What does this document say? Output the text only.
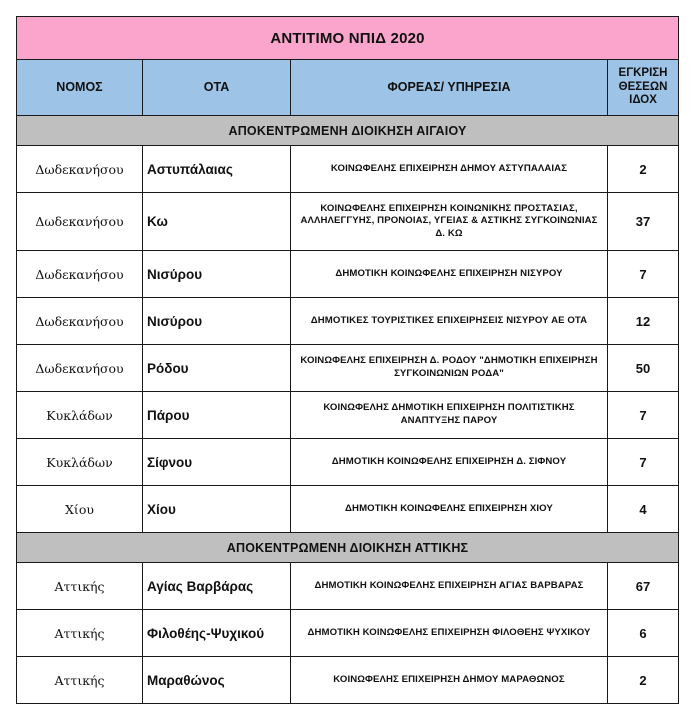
ΑΝΤΙΤΙΜΟ ΝΠΙΔ 2020			
ΝΟΜΟΣ	ΟΤΑ	ΦΟΡΕΑΣ/ ΥΠΗΡΕΣΙΑ	ΕΓΚΡΙΣΗ ΘΕΣΕΩΝ ΙΔΟΧ
ΑΠΟΚΕΝΤΡΩΜΕΝΗ ΔΙΟΙΚΗΣΗ ΑΙΓΑΙΟΥ			
Δωδεκανήσου	Αστυπάλαιας	ΚΟΙΝΩΦΕΛΗΣ ΕΠΙΧΕΙΡΗΣΗ ΔΗΜΟΥ ΑΣΤΥΠΑΛΑΙΑΣ	2
Δωδεκανήσου	Κω	ΚΟΙΝΩΦΕΛΗΣ ΕΠΙΧΕΙΡΗΣΗ ΚΟΙΝΩΝΙΚΗΣ ΠΡΟΣΤΑΣΙΑΣ, ΑΛΛΗΛΕΓΓΥΗΣ, ΠΡΟΝΟΙΑΣ, ΥΓΕΙΑΣ & ΑΣΤΙΚΗΣ ΣΥΓΚΟΙΝΩΝΙΑΣ Δ. ΚΩ	37
Δωδεκανήσου	Νισύρου	ΔΗΜΟΤΙΚΗ ΚΟΙΝΩΦΕΛΗΣ ΕΠΙΧΕΙΡΗΣΗ ΝΙΣΥΡΟΥ	7
Δωδεκανήσου	Νισύρου	ΔΗΜΟΤΙΚΕΣ ΤΟΥΡΙΣΤΙΚΕΣ ΕΠΙΧΕΙΡΗΣΕΙΣ ΝΙΣΥΡΟΥ ΑΕ ΟΤΑ	12
Δωδεκανήσου	Ρόδου	ΚΟΙΝΩΦΕΛΗΣ ΕΠΙΧΕΙΡΗΣΗ Δ. ΡΟΔΟΥ "ΔΗΜΟΤΙΚΗ ΕΠΙΧΕΙΡΗΣΗ ΣΥΓΚΟΙΝΩΝΙΩΝ ΡΟΔΑ"	50
Κυκλάδων	Πάρου	ΚΟΙΝΩΦΕΛΗΣ ΔΗΜΟΤΙΚΗ ΕΠΙΧΕΙΡΗΣΗ ΠΟΛΙΤΙΣΤΙΚΗΣ ΑΝΑΠΤΥΞΗΣ ΠΑΡΟΥ	7
Κυκλάδων	Σίφνου	ΔΗΜΟΤΙΚΗ ΚΟΙΝΩΦΕΛΗΣ ΕΠΙΧΕΙΡΗΣΗ Δ. ΣΙΦΝΟΥ	7
Χίου	Χίου	ΔΗΜΟΤΙΚΗ ΚΟΙΝΩΦΕΛΗΣ ΕΠΙΧΕΙΡΗΣΗ ΧΙΟΥ	4
ΑΠΟΚΕΝΤΡΩΜΕΝΗ ΔΙΟΙΚΗΣΗ ΑΤΤΙΚΗΣ			
Αττικής	Αγίας Βαρβάρας	ΔΗΜΟΤΙΚΗ ΚΟΙΝΩΦΕΛΗΣ ΕΠΙΧΕΙΡΗΣΗ ΑΓΙΑΣ ΒΑΡΒΑΡΑΣ	67
Αττικής	Φιλοθέης-Ψυχικού	ΔΗΜΟΤΙΚΗ ΚΟΙΝΩΦΕΛΗΣ ΕΠΙΧΕΙΡΗΣΗ ΦΙΛΟΘΕΗΣ ΨΥΧΙΚΟΥ	6
Αττικής	Μαραθώνος	ΚΟΙΝΩΦΕΛΗΣ ΕΠΙΧΕΙΡΗΣΗ ΔΗΜΟΥ ΜΑΡΑΘΩΝΟΣ	2
